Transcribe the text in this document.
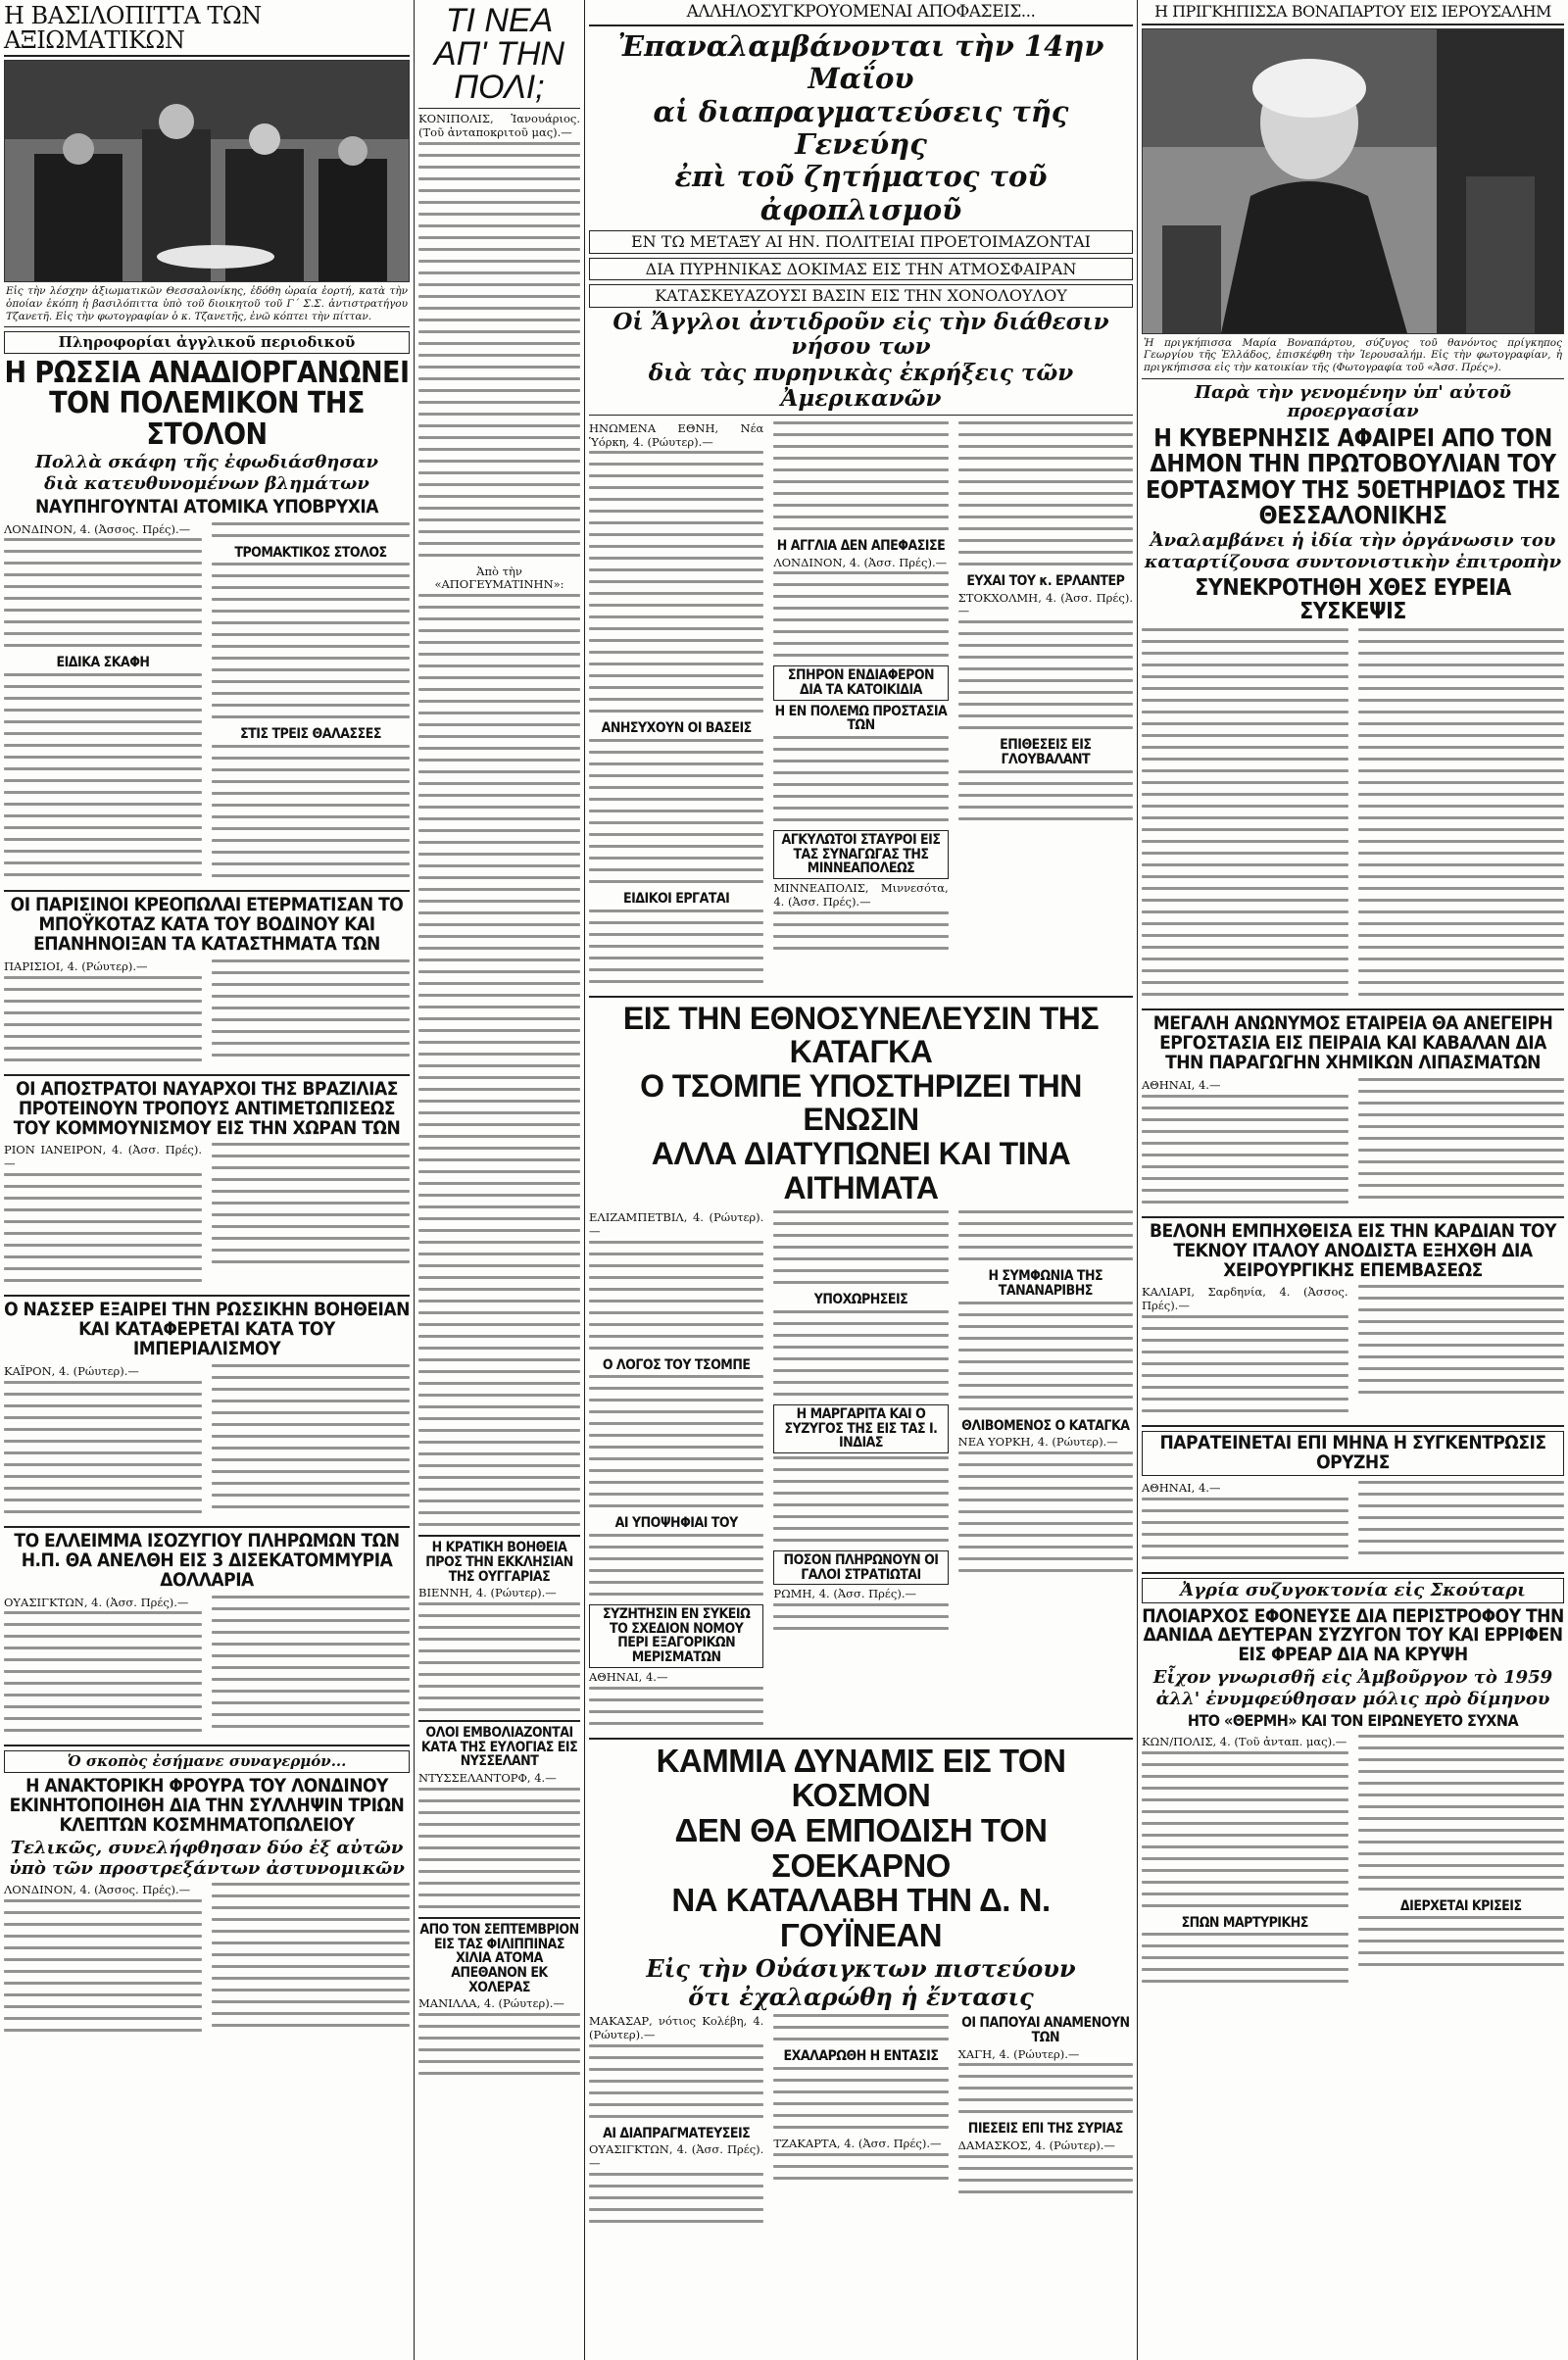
Η ΒΑΣΙΛΟΠΙΤΤΑ ΤΩΝ ΑΞΙΩΜΑΤΙΚΩΝ
Εἰς τὴν λέσχην ἀξιωματικῶν Θεσσαλονίκης, ἐδόθη ὡραία ἑορτή, κατὰ τὴν ὁποίαν ἐκόπη ἡ βασιλόπιττα ὑπὸ τοῦ διοικητοῦ τοῦ Γ΄ Σ.Σ. ἀντιστρατήγου Τζανετῆ. Εἰς τὴν φωτογραφίαν ὁ κ. Τζανετῆς, ἐνῶ κόπτει τὴν πίτταν.
Πληροφορίαι ἀγγλικοῦ περιοδικοῦ
Η ΡΩΣΣΙΑ ΑΝΑΔΙΟΡΓΑΝΩΝΕΙ ΤΟΝ ΠΟΛΕΜΙΚΟΝ ΤΗΣ ΣΤΟΛΟΝ
Πολλὰ σκάφη τῆς ἐφωδιάσθησαν
διὰ κατευθυνομένων βλημάτων
ΝΑΥΠΗΓΟΥΝΤΑΙ ΑΤΟΜΙΚΑ ΥΠΟΒΡΥΧΙΑ
ΛΟΝΔΙΝΟΝ, 4. (Ἀσσος. Πρές).—
ΕΙΔΙΚΑ ΣΚΑΦΗ
ΤΡΟΜΑΚΤΙΚΟΣ ΣΤΟΛΟΣ
ΣΤΙΣ ΤΡΕΙΣ ΘΑΛΑΣΣΕΣ
ΟΙ ΠΑΡΙΣΙΝΟΙ ΚΡΕΟΠΩΛΑΙ ΕΤΕΡΜΑΤΙΣΑΝ ΤΟ ΜΠΟΫΚΟΤΑΖ ΚΑΤΑ ΤΟΥ ΒΟΔΙΝΟΥ ΚΑΙ ΕΠΑΝΗΝΟΙΞΑΝ ΤΑ ΚΑΤΑΣΤΗΜΑΤΑ ΤΩΝ
ΠΑΡΙΣΙΟΙ, 4. (Ρώυτερ).—
ΟΙ ΑΠΟΣΤΡΑΤΟΙ ΝΑΥΑΡΧΟΙ ΤΗΣ ΒΡΑΖΙΛΙΑΣ ΠΡΟΤΕΙΝΟΥΝ ΤΡΟΠΟΥΣ ΑΝΤΙΜΕΤΩΠΙΣΕΩΣ ΤΟΥ ΚΟΜΜΟΥΝΙΣΜΟΥ ΕΙΣ ΤΗΝ ΧΩΡΑΝ ΤΩΝ
ΡΙΟΝ ΙΑΝΕΙΡΟΝ, 4. (Ἀσσ. Πρές).—
Ο ΝΑΣΣΕΡ ΕΞΑΙΡΕΙ ΤΗΝ ΡΩΣΣΙΚΗΝ ΒΟΗΘΕΙΑΝ ΚΑΙ ΚΑΤΑΦΕΡΕΤΑΙ ΚΑΤΑ ΤΟΥ ΙΜΠΕΡΙΑΛΙΣΜΟΥ
ΚΑΪΡΟΝ, 4. (Ρώυτερ).—
ΤΟ ΕΛΛΕΙΜΜΑ ΙΣΟΖΥΓΙΟΥ ΠΛΗΡΩΜΩΝ ΤΩΝ Η.Π. ΘΑ ΑΝΕΛΘΗ ΕΙΣ 3 ΔΙΣΕΚΑΤΟΜΜΥΡΙΑ ΔΟΛΛΑΡΙΑ
ΟΥΑΣΙΓΚΤΩΝ, 4. (Ἀσσ. Πρές).—
Ὁ σκοπὸς ἐσήμανε συναγερμόν...
Η ΑΝΑΚΤΟΡΙΚΗ ΦΡΟΥΡΑ ΤΟΥ ΛΟΝΔΙΝΟΥ ΕΚΙΝΗΤΟΠΟΙΗΘΗ ΔΙΑ ΤΗΝ ΣΥΛΛΗΨΙΝ ΤΡΙΩΝ ΚΛΕΠΤΩΝ ΚΟΣΜΗΜΑΤΟΠΩΛΕΙΟΥ
Τελικῶς, συνελήφθησαν δύο ἐξ αὐτῶν
ὑπὸ τῶν προστρεξάντων ἀστυνομικῶν
ΛΟΝΔΙΝΟΝ, 4. (Ἀσσος. Πρές).—
ΤΙ ΝΕΑ
ΑΠ' ΤΗΝ
ΠΟΛΙ;
ΚΟΝΙΠΟΛΙΣ, Ἰανουάριος. (Τοῦ ἀνταποκριτοῦ μας).—
Ἀπὸ τὴν «ΑΠΟΓΕΥΜΑΤΙΝΗΝ»:
Η ΚΡΑΤΙΚΗ ΒΟΗΘΕΙΑ ΠΡΟΣ ΤΗΝ ΕΚΚΛΗΣΙΑΝ ΤΗΣ ΟΥΓΓΑΡΙΑΣ
ΒΙΕΝΝΗ, 4. (Ρώυτερ).—
ΟΛΟΙ ΕΜΒΟΛΙΑΖΟΝΤΑΙ ΚΑΤΑ ΤΗΣ ΕΥΛΟΓΙΑΣ ΕΙΣ ΝΥΣΣΕΛΑΝΤ
ΝΤΥΣΣΕΛΑΝΤΟΡΦ, 4.—
ΑΠΟ ΤΟΝ ΣΕΠΤΕΜΒΡΙΟΝ ΕΙΣ ΤΑΣ ΦΙΛΙΠΠΙΝΑΣ ΧΙΛΙΑ ΑΤΟΜΑ ΑΠΕΘΑΝΟΝ ΕΚ ΧΟΛΕΡΑΣ
ΜΑΝΙΛΛΑ, 4. (Ρώυτερ).—
ΑΛΛΗΛΟΣΥΓΚΡΟΥΟΜΕΝΑΙ ΑΠΟΦΑΣΕΙΣ...
Ἐπαναλαμβάνονται τὴν 14ην Μαΐου
αἱ διαπραγματεύσεις τῆς Γενεύης
ἐπὶ τοῦ ζητήματος τοῦ ἀφοπλισμοῦ
ΕΝ ΤΩ ΜΕΤΑΞΥ ΑΙ ΗΝ. ΠΟΛΙΤΕΙΑΙ ΠΡΟΕΤΟΙΜΑΖΟΝΤΑΙ
ΔΙΑ ΠΥΡΗΝΙΚΑΣ ΔΟΚΙΜΑΣ ΕΙΣ ΤΗΝ ΑΤΜΟΣΦΑΙΡΑΝ
ΚΑΤΑΣΚΕΥΑΖΟΥΣΙ ΒΑΣΙΝ ΕΙΣ ΤΗΝ ΧΟΝΟΛΟΥΛΟΥ
Οἱ Ἄγγλοι ἀντιδροῦν εἰς τὴν διάθεσιν νήσου των
διὰ τὰς πυρηνικὰς ἐκρήξεις τῶν Ἀμερικανῶν
ΗΝΩΜΕΝΑ ΕΘΝΗ, Νέα Ὑόρκη, 4. (Ρώυτερ).—
ΑΝΗΣΥΧΟΥΝ ΟΙ ΒΑΣΕΙΣ
ΕΙΔΙΚΟΙ ΕΡΓΑΤΑΙ
Η ΑΓΓΛΙΑ ΔΕΝ ΑΠΕΦΑΣΙΣΕ
ΛΟΝΔΙΝΟΝ, 4. (Ἀσσ. Πρές).—
ΣΠΗΡΟΝ ΕΝΔΙΑΦΕΡΟΝ ΔΙΑ ΤΑ ΚΑΤΟΙΚΙΔΙΑ
Η ΕΝ ΠΟΛΕΜΩ ΠΡΟΣΤΑΣΙΑ ΤΩΝ
ΑΓΚΥΛΩΤΟΙ ΣΤΑΥΡΟΙ ΕΙΣ ΤΑΣ ΣΥΝΑΓΩΓΑΣ ΤΗΣ ΜΙΝΝΕΑΠΟΛΕΩΣ
ΜΙΝΝΕΑΠΟΛΙΣ, Μιννεσότα, 4. (Ἀσσ. Πρές).—
ΕΥΧΑΙ ΤΟΥ κ. ΕΡΛΑΝΤΕΡ
ΣΤΟΚΧΟΛΜΗ, 4. (Ἀσσ. Πρές).—
ΕΠΙΘΕΣΕΙΣ ΕΙΣ ΓΛΟΥΒΑΛΑΝΤ
ΕΙΣ ΤΗΝ ΕΘΝΟΣΥΝΕΛΕΥΣΙΝ ΤΗΣ ΚΑΤΑΓΚΑ
Ο ΤΣΟΜΠΕ ΥΠΟΣΤΗΡΙΖΕΙ ΤΗΝ ΕΝΩΣΙΝ
ΑΛΛΑ ΔΙΑΤΥΠΩΝΕΙ ΚΑΙ ΤΙΝΑ ΑΙΤΗΜΑΤΑ
ΕΛΙΖΑΜΠΕΤΒΙΛ, 4. (Ρώυτερ).—
Ο ΛΟΓΟΣ ΤΟΥ ΤΣΟΜΠΕ
ΑΙ ΥΠΟΨΗΦΙΑΙ ΤΟΥ
ΣΥΖΗΤΗΣΙΝ ΕΝ ΣΥΚΕΙΩ ΤΟ ΣΧΕΔΙΟΝ ΝΟΜΟΥ ΠΕΡΙ ΕΞΑΓΟΡΙΚΩΝ ΜΕΡΙΣΜΑΤΩΝ
ΑΘΗΝΑΙ, 4.—
ΥΠΟΧΩΡΗΣΕΙΣ
Η ΜΑΡΓΑΡΙΤΑ ΚΑΙ Ο ΣΥΖΥΓΟΣ ΤΗΣ ΕΙΣ ΤΑΣ Ι. ΙΝΔΙΑΣ
ΠΟΣΟΝ ΠΛΗΡΩΝΟΥΝ ΟΙ ΓΑΛΟΙ ΣΤΡΑΤΙΩΤΑΙ
ΡΩΜΗ, 4. (Ἀσσ. Πρές).—
Η ΣΥΜΦΩΝΙΑ ΤΗΣ ΤΑΝΑΝΑΡΙΒΗΣ
ΘΛΙΒΟΜΕΝΟΣ Ο ΚΑΤΑΓΚΑ
ΝΕΑ ΥΟΡΚΗ, 4. (Ρώυτερ).—
ΚΑΜΜΙΑ ΔΥΝΑΜΙΣ ΕΙΣ ΤΟΝ ΚΟΣΜΟΝ
ΔΕΝ ΘΑ ΕΜΠΟΔΙΣΗ ΤΟΝ ΣΟΕΚΑΡΝΟ
ΝΑ ΚΑΤΑΛΑΒΗ ΤΗΝ Δ. Ν. ΓΟΥΪΝΕΑΝ
Εἰς τὴν Οὐάσιγκτων πιστεύουν
ὅτι ἐχαλαρώθη ἡ ἔντασις
ΜΑΚΑΣΑΡ, νότιος Κολέβη, 4. (Ρώυτερ).—
ΑΙ ΔΙΑΠΡΑΓΜΑΤΕΥΣΕΙΣ
ΟΥΑΣΙΓΚΤΩΝ, 4. (Ἀσσ. Πρές).—
ΕΧΑΛΑΡΩΘΗ Η ΕΝΤΑΣΙΣ
ΤΖΑΚΑΡΤΑ, 4. (Ἀσσ. Πρές).—
ΟΙ ΠΑΠΟΥΑΙ ΑΝΑΜΕΝΟΥΝ ΤΩΝ
ΧΑΓΗ, 4. (Ρώυτερ).—
ΠΙΕΣΕΙΣ ΕΠΙ ΤΗΣ ΣΥΡΙΑΣ
ΔΑΜΑΣΚΟΣ, 4. (Ρώυτερ).—
Η ΠΡΙΓΚΗΠΙΣΣΑ ΒΟΝΑΠΑΡΤΟΥ ΕΙΣ ΙΕΡΟΥΣΑΛΗΜ
Ἡ πριγκήπισσα Μαρία Βοναπάρτου, σύζυγος τοῦ θανόντος πρίγκηπος Γεωργίου τῆς Ἑλλάδος, ἐπισκέφθη τὴν Ἰερουσαλήμ. Εἰς τὴν φωτογραφίαν, ἡ πριγκήπισσα εἰς τὴν κατοικίαν τῆς (Φωτογραφία τοῦ «Ἀσσ. Πρές»).
Παρὰ τὴν γενομένην ὑπ' αὐτοῦ προεργασίαν
Η ΚΥΒΕΡΝΗΣΙΣ ΑΦΑΙΡΕΙ ΑΠΟ ΤΟΝ ΔΗΜΟΝ ΤΗΝ ΠΡΩΤΟΒΟΥΛΙΑΝ ΤΟΥ ΕΟΡΤΑΣΜΟΥ ΤΗΣ 50ΕΤΗΡΙΔΟΣ ΤΗΣ ΘΕΣΣΑΛΟΝΙΚΗΣ
Ἀναλαμβάνει ἡ ἰδία τὴν ὀργάνωσιν του
καταρτίζουσα συντονιστικὴν ἐπιτροπὴν
ΣΥΝΕΚΡΟΤΗΘΗ ΧΘΕΣ ΕΥΡΕΙΑ ΣΥΣΚΕΨΙΣ
ΜΕΓΑΛΗ ΑΝΩΝΥΜΟΣ ΕΤΑΙΡΕΙΑ ΘΑ ΑΝΕΓΕΙΡΗ ΕΡΓΟΣΤΑΣΙΑ ΕΙΣ ΠΕΙΡΑΙΑ ΚΑΙ ΚΑΒΑΛΑΝ ΔΙΑ ΤΗΝ ΠΑΡΑΓΩΓΗΝ ΧΗΜΙΚΩΝ ΛΙΠΑΣΜΑΤΩΝ
ΑΘΗΝΑΙ, 4.—
ΒΕΛΟΝΗ ΕΜΠΗΧΘΕΙΣΑ ΕΙΣ ΤΗΝ ΚΑΡΔΙΑΝ ΤΟΥ ΤΕΚΝΟΥ ΙΤΑΛΟΥ ΑΝΟΔΙΣΤΑ ΕΞΗΧΘΗ ΔΙΑ ΧΕΙΡΟΥΡΓΙΚΗΣ ΕΠΕΜΒΑΣΕΩΣ
ΚΑΛΙΑΡΙ, Σαρδηνία, 4. (Ἀσσος. Πρές).—
ΠΑΡΑΤΕΙΝΕΤΑΙ ΕΠΙ ΜΗΝΑ Η ΣΥΓΚΕΝΤΡΩΣΙΣ ΟΡΥΖΗΣ
ΑΘΗΝΑΙ, 4.—
Ἀγρία συζυγοκτονία εἰς Σκούταρι
ΠΛΟΙΑΡΧΟΣ ΕΦΟΝΕΥΣΕ ΔΙΑ ΠΕΡΙΣΤΡΟΦΟΥ ΤΗΝ ΔΑΝΙΔΑ ΔΕΥΤΕΡΑΝ ΣΥΖΥΓΟΝ ΤΟΥ ΚΑΙ ΕΡΡΙΦΕΝ ΕΙΣ ΦΡΕΑΡ ΔΙΑ ΝΑ ΚΡΥΨΗ
Εἶχον γνωρισθῆ εἰς Ἀμβοῦργον τὸ 1959
ἀλλ' ἐνυμφεύθησαν μόλις πρὸ δίμηνου
ΗΤΟ «ΘΕΡΜΗ» ΚΑΙ ΤΟΝ ΕΙΡΩΝΕΥΕΤΟ ΣΥΧΝΑ
ΚΩΝ/ΠΟΛΙΣ, 4. (Τοῦ ἀνταπ. μας).—
ΣΠΩΝ ΜΑΡΤΥΡΙΚΗΣ
ΔΙΕΡΧΕΤΑΙ ΚΡΙΣΕΙΣ
